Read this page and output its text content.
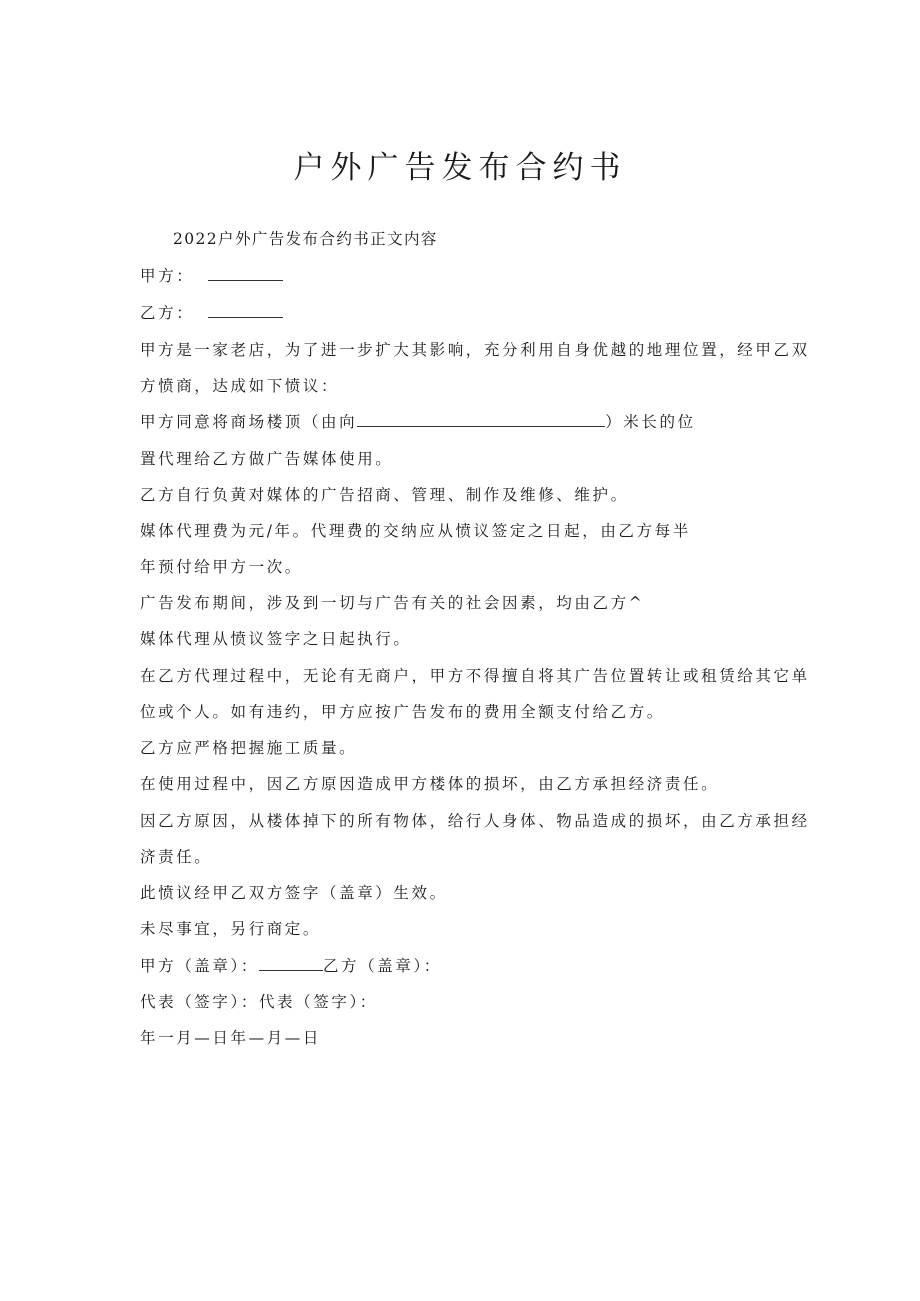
户外广告发布合约书
2022户外广告发布合约书正文内容
甲方：
乙方：
甲方是一家老店，为了进一步扩大其影响，充分利用自身优越的地理位置，经甲乙双
方愤商，达成如下愤议：
甲方同意将商场楼顶（由向	）米长的位
置代理给乙方做广告媒体使用。
乙方自行负黄对媒体的广告招商、管理、制作及维修、维护。
媒体代理费为元/年。代理费的交纳应从愤议签定之日起，由乙方每半
年预付给甲方一次。
广告发布期间，涉及到一切与广告有关的社会因素，均由乙方^
媒体代理从愤议签字之日起执行。
在乙方代理过程中，无论有无商户，甲方不得擅自将其广告位置转让或租赁给其它单
位或个人。如有违约，甲方应按广告发布的费用全额支付给乙方。
乙方应严格把握施工质量。
在使用过程中，因乙方原因造成甲方楼体的损坏，由乙方承担经济责任。
因乙方原因，从楼体掉下的所有物体，给行人身体、物品造成的损坏，由乙方承担经
济责任。
此愤议经甲乙双方签字（盖章）生效。
未尽事宜，另行商定。
甲方（盖章）：	乙方（盖章）：
代表（签字）：代表（签字）：
年一月—日年—月—日
